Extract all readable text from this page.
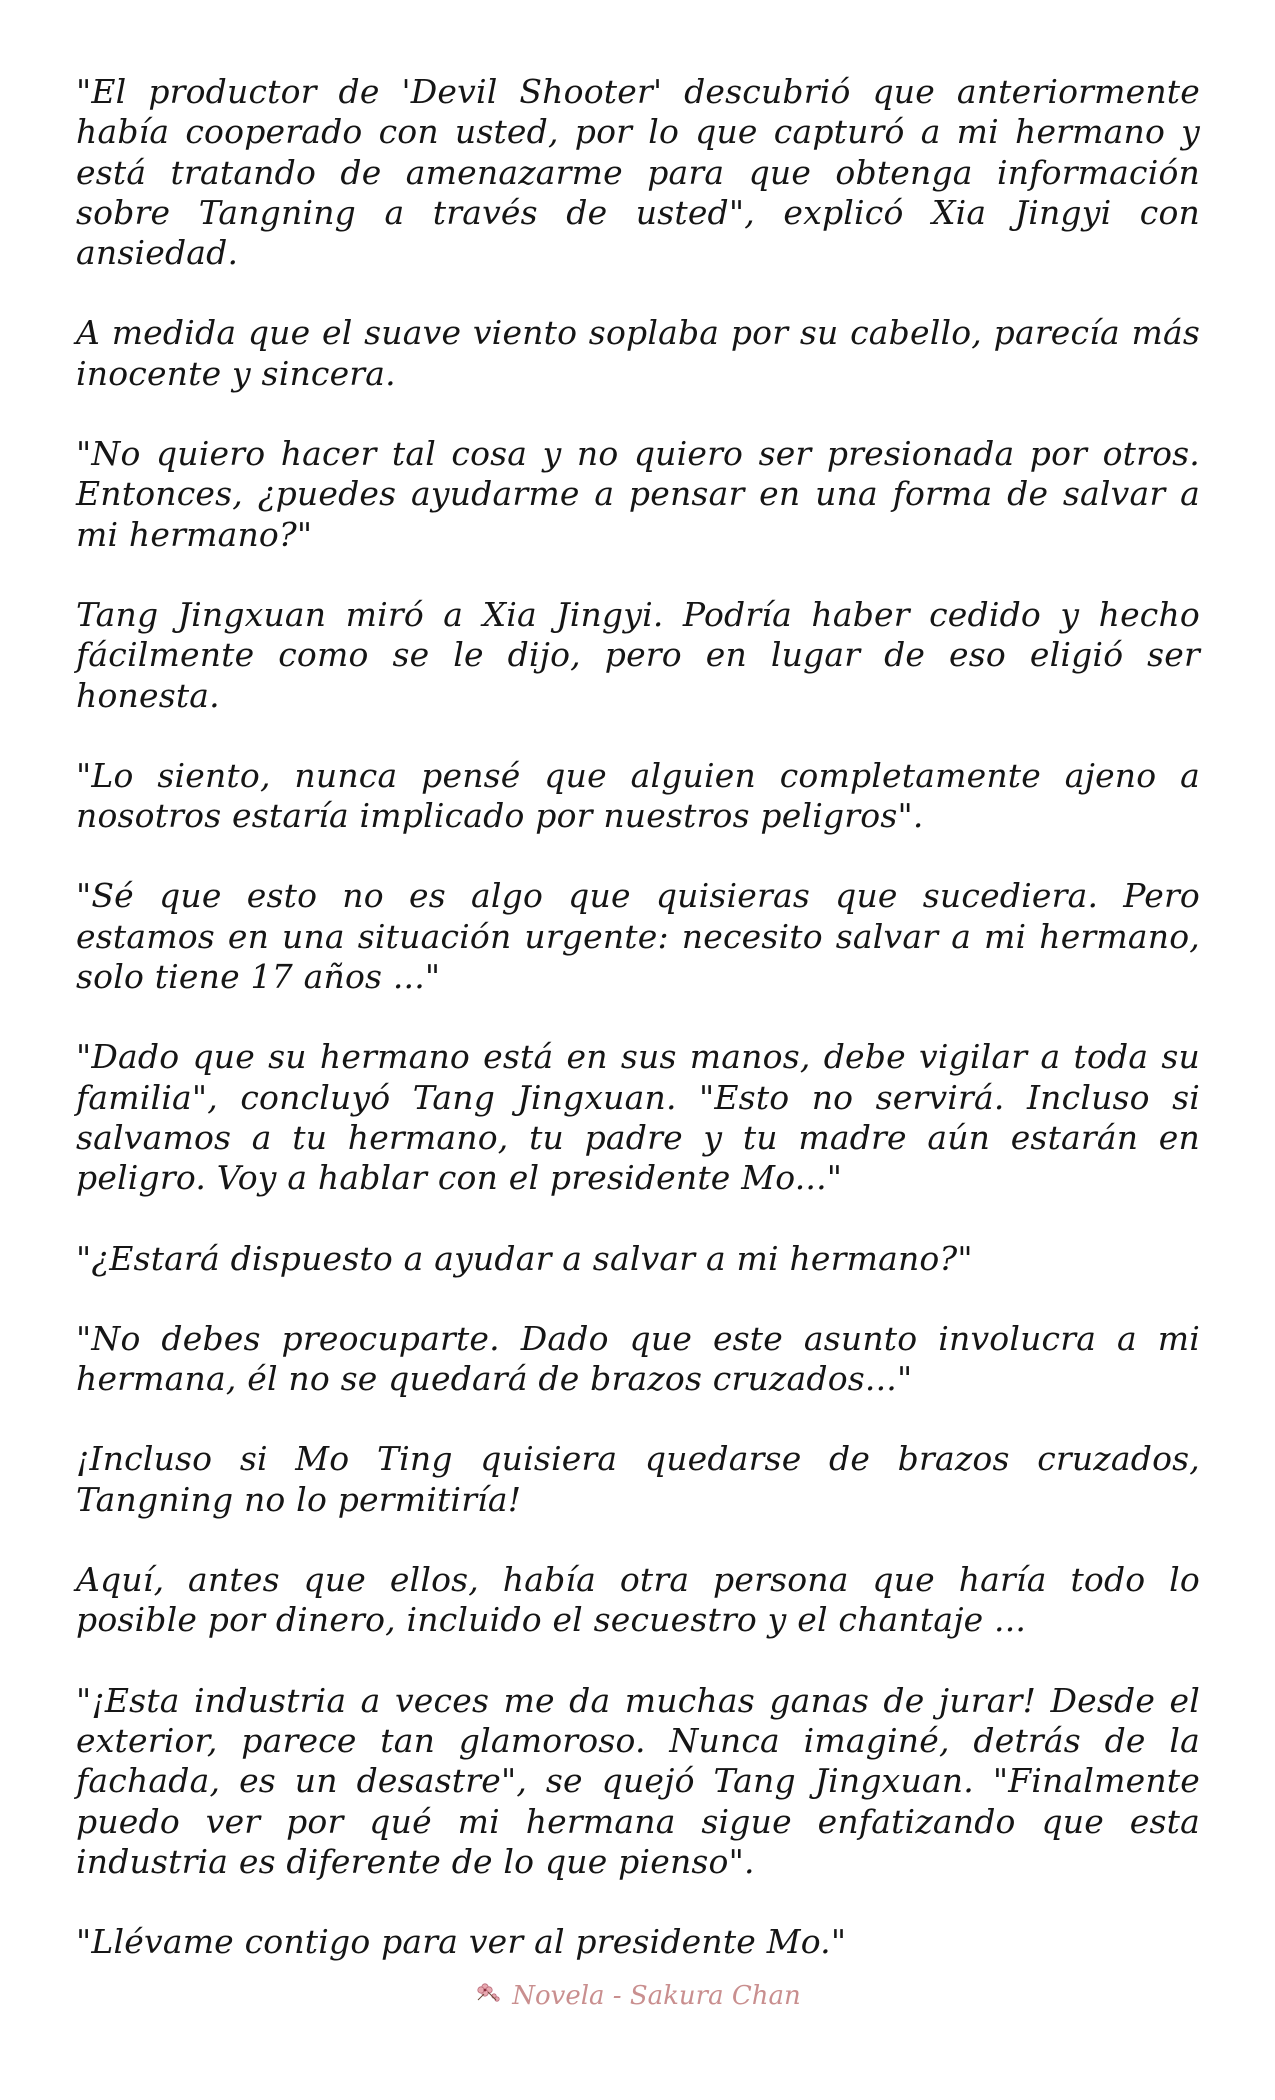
"El productor de 'Devil Shooter' descubrió que anteriormente había cooperado con usted, por lo que capturó a mi hermano y está tratando de amenazarme para que obtenga información sobre Tangning a través de usted", explicó Xia Jingyi con ansiedad.

A medida que el suave viento soplaba por su cabello, parecía más inocente y sincera.

"No quiero hacer tal cosa y no quiero ser presionada por otros. Entonces, ¿puedes ayudarme a pensar en una forma de salvar a mi hermano?"

Tang Jingxuan miró a Xia Jingyi. Podría haber cedido y hecho fácilmente como se le dijo, pero en lugar de eso eligió ser honesta.

"Lo siento, nunca pensé que alguien completamente ajeno a nosotros estaría implicado por nuestros peligros".

"Sé que esto no es algo que quisieras que sucediera. Pero estamos en una situación urgente: necesito salvar a mi hermano, solo tiene 17 años ..."

"Dado que su hermano está en sus manos, debe vigilar a toda su familia", concluyó Tang Jingxuan. "Esto no servirá. Incluso si salvamos a tu hermano, tu padre y tu madre aún estarán en peligro. Voy a hablar con el presidente Mo..."

"¿Estará dispuesto a ayudar a salvar a mi hermano?"

"No debes preocuparte. Dado que este asunto involucra a mi hermana, él no se quedará de brazos cruzados..."

¡Incluso si Mo Ting quisiera quedarse de brazos cruzados, Tangning no lo permitiría!

Aquí, antes que ellos, había otra persona que haría todo lo posible por dinero, incluido el secuestro y el chantaje ...

"¡Esta industria a veces me da muchas ganas de jurar! Desde el exterior, parece tan glamoroso. Nunca imaginé, detrás de la fachada, es un desastre", se quejó Tang Jingxuan. "Finalmente puedo ver por qué mi hermana sigue enfatizando que esta industria es diferente de lo que pienso".

"Llévame contigo para ver al presidente Mo."

Novela - Sakura Chan
